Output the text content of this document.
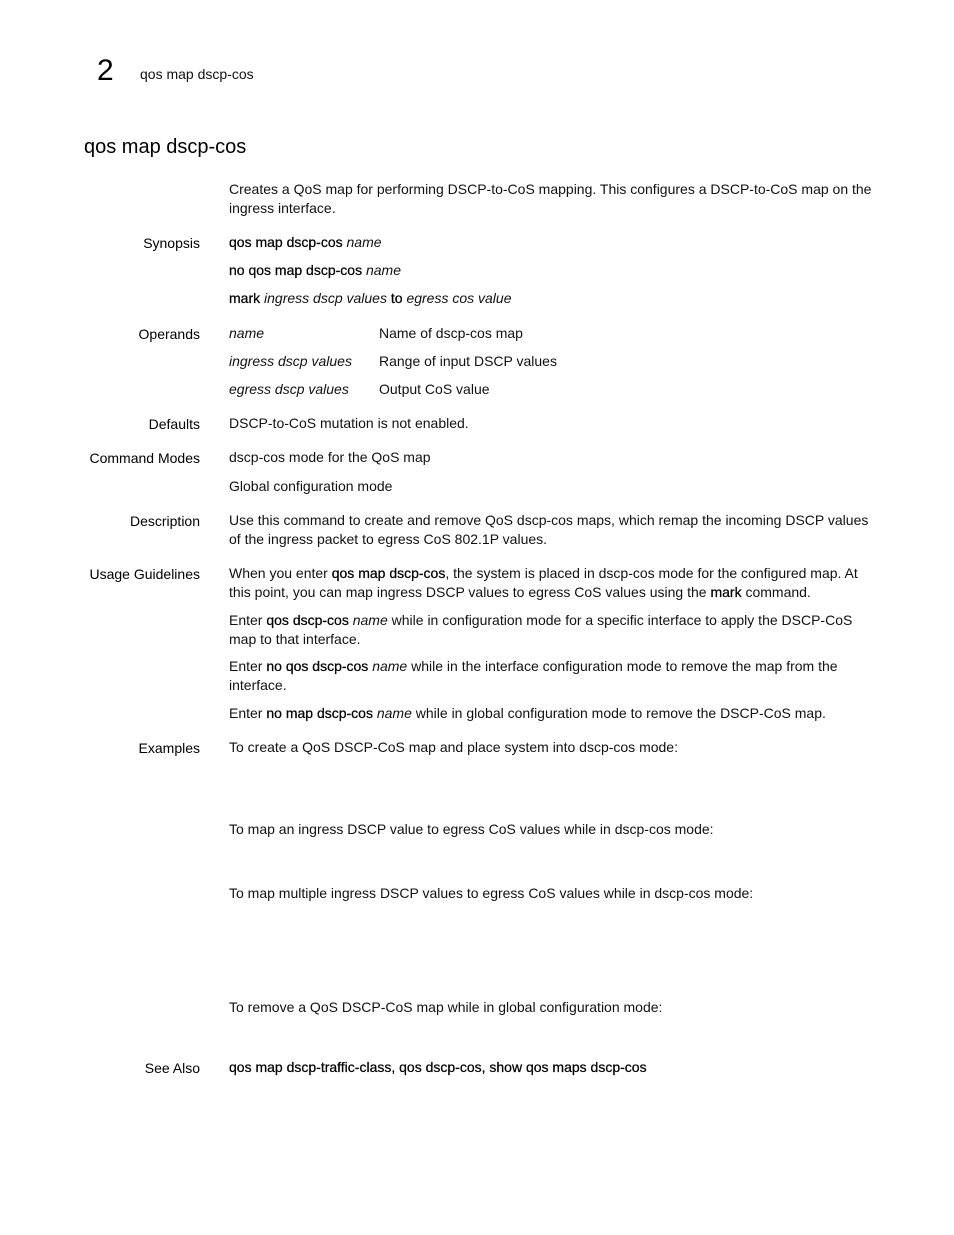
2 qos map dscp-cos
qos map dscp-cos
Creates a QoS map for performing DSCP-to-CoS mapping. This configures a DSCP-to-CoS map on the ingress interface.
Synopsis qos map dscp-cos name
no qos map dscp-cos name
mark ingress dscp values to egress cos value
Operands name	Name of dscp-cos map
ingress dscp values Range of input DSCP values
egress dscp values Output CoS value
Defaults DSCP-to-CoS mutation is not enabled.
Command Modes dscp-cos mode for the QoS map
Global configuration mode
Description Use this command to create and remove QoS dscp-cos maps, which remap the incoming DSCP values of the ingress packet to egress CoS 802.1P values.
Usage Guidelines When you enter qos map dscp-cos, the system is placed in dscp-cos mode for the configured map. At this point, you can map ingress DSCP values to egress CoS values using the mark command.
Enter qos dscp-cos name while in configuration mode for a specific interface to apply the DSCP-CoS map to that interface.
Enter no qos dscp-cos name while in the interface configuration mode to remove the map from the interface.
Enter no map dscp-cos name while in global configuration mode to remove the DSCP-CoS map.
Examples To create a QoS DSCP-CoS map and place system into dscp-cos mode:
To map an ingress DSCP value to egress CoS values while in dscp-cos mode:
To map multiple ingress DSCP values to egress CoS values while in dscp-cos mode:
To remove a QoS DSCP-CoS map while in global configuration mode:
See Also qos map dscp-traffic-class, qos dscp-cos, show qos maps dscp-cos
